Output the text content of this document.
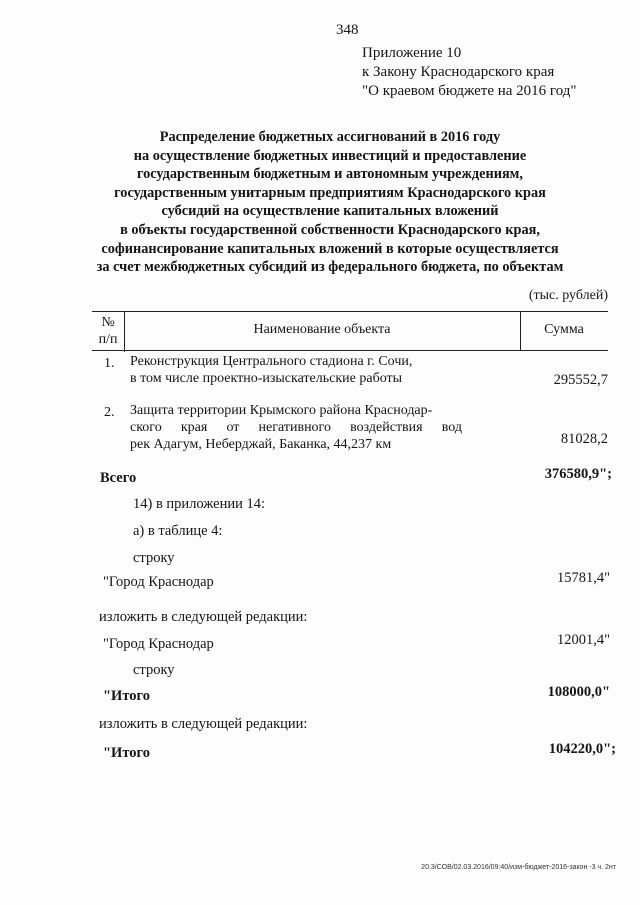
348
Приложение 10
к Закону Краснодарского края
"О краевом бюджете на 2016 год"
Распределение бюджетных ассигнований в 2016 году
на осуществление бюджетных инвестиций и предоставление
государственным бюджетным и автономным учреждениям,
государственным унитарным предприятиям Краснодарского края
субсидий на осуществление капитальных вложений
в объекты государственной собственности Краснодарского края,
софинансирование капитальных вложений в которые осуществляется
за счет межбюджетных субсидий из федерального бюджета, по объектам
(тыс. рублей)
№
п/п
Наименование объекта	Сумма
1. Реконструкция Центрального стадиона г. Сочи,
в том числе проектно-изыскательские работы	295552,7
2. Защита территории Крымского района Краснодар-
ского края от негативного воздействия вод
рек Адагум, Неберджай, Баканка, 44,237 км	81028,2
Всего	376580,9";
14) в приложении 14:
а) в таблице 4:
строку
"Город Краснодар	15781,4"
изложить в следующей редакции:
"Город Краснодар	12001,4"
строку
"Итого	108000,0"
изложить в следующей редакции:
"Итого	104220,0";
20.3/СОВ/02.03.2016/09:40/изм-бюджет-2016-закон -3 ч. 2нт
